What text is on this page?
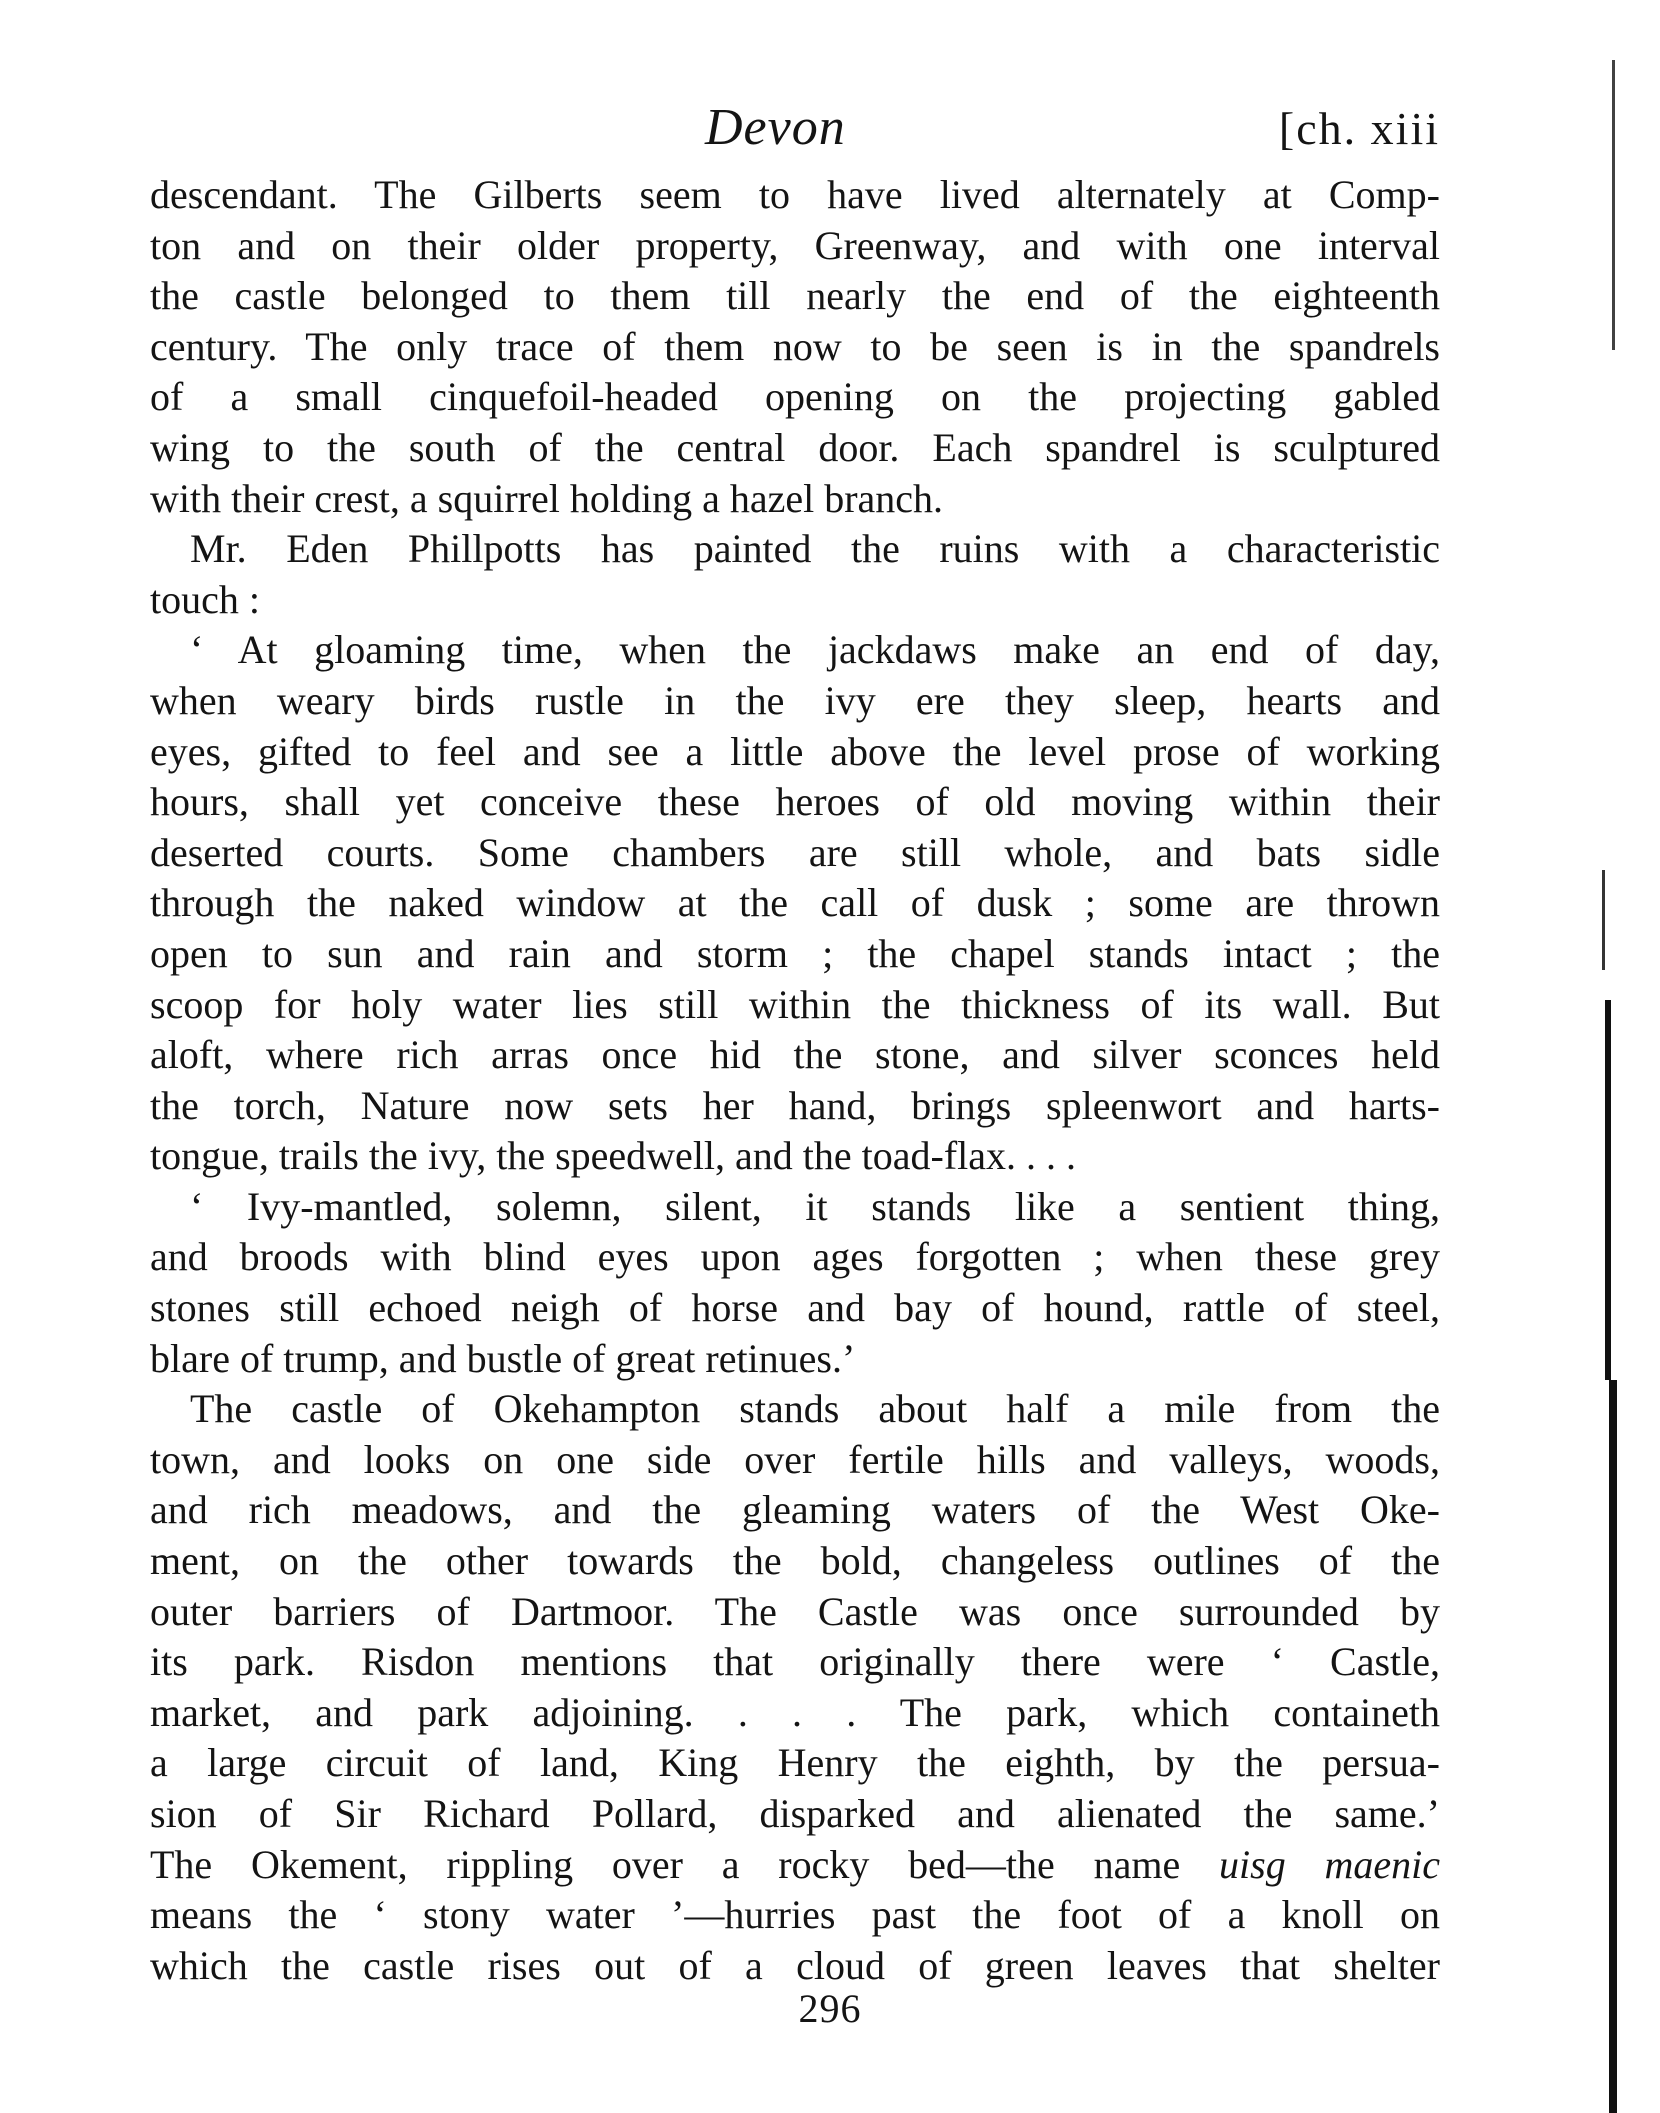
Devon	[ch. xiii
descendant. The Gilberts seem to have lived alternately at Comp-
ton and on their older property, Greenway, and with one interval
the castle belonged to them till nearly the end of the eighteenth
century. The only trace of them now to be seen is in the spandrels
of a small cinquefoil-headed opening on the projecting gabled
wing to the south of the central door. Each spandrel is sculptured
with their crest, a squirrel holding a hazel branch.
Mr. Eden Phillpotts has painted the ruins with a characteristic
touch :
‘ At gloaming time, when the jackdaws make an end of day,
when weary birds rustle in the ivy ere they sleep, hearts and
eyes, gifted to feel and see a little above the level prose of working
hours, shall yet conceive these heroes of old moving within their
deserted courts. Some chambers are still whole, and bats sidle
through the naked window at the call of dusk ; some are thrown
open to sun and rain and storm ; the chapel stands intact ; the
scoop for holy water lies still within the thickness of its wall. But
aloft, where rich arras once hid the stone, and silver sconces held
the torch, Nature now sets her hand, brings spleenwort and harts-
tongue, trails the ivy, the speedwell, and the toad-flax. . . .
‘ Ivy-mantled, solemn, silent, it stands like a sentient thing,
and broods with blind eyes upon ages forgotten ; when these grey
stones still echoed neigh of horse and bay of hound, rattle of steel,
blare of trump, and bustle of great retinues.’
The castle of Okehampton stands about half a mile from the
town, and looks on one side over fertile hills and valleys, woods,
and rich meadows, and the gleaming waters of the West Oke-
ment, on the other towards the bold, changeless outlines of the
outer barriers of Dartmoor. The Castle was once surrounded by
its park. Risdon mentions that originally there were ‘ Castle,
market, and park adjoining. . . . The park, which containeth
a large circuit of land, King Henry the eighth, by the persua-
sion of Sir Richard Pollard, disparked and alienated the same.’
The Okement, rippling over a rocky bed—the name uisg maenic
means the ‘ stony water ’—hurries past the foot of a knoll on
which the castle rises out of a cloud of green leaves that shelter
296
